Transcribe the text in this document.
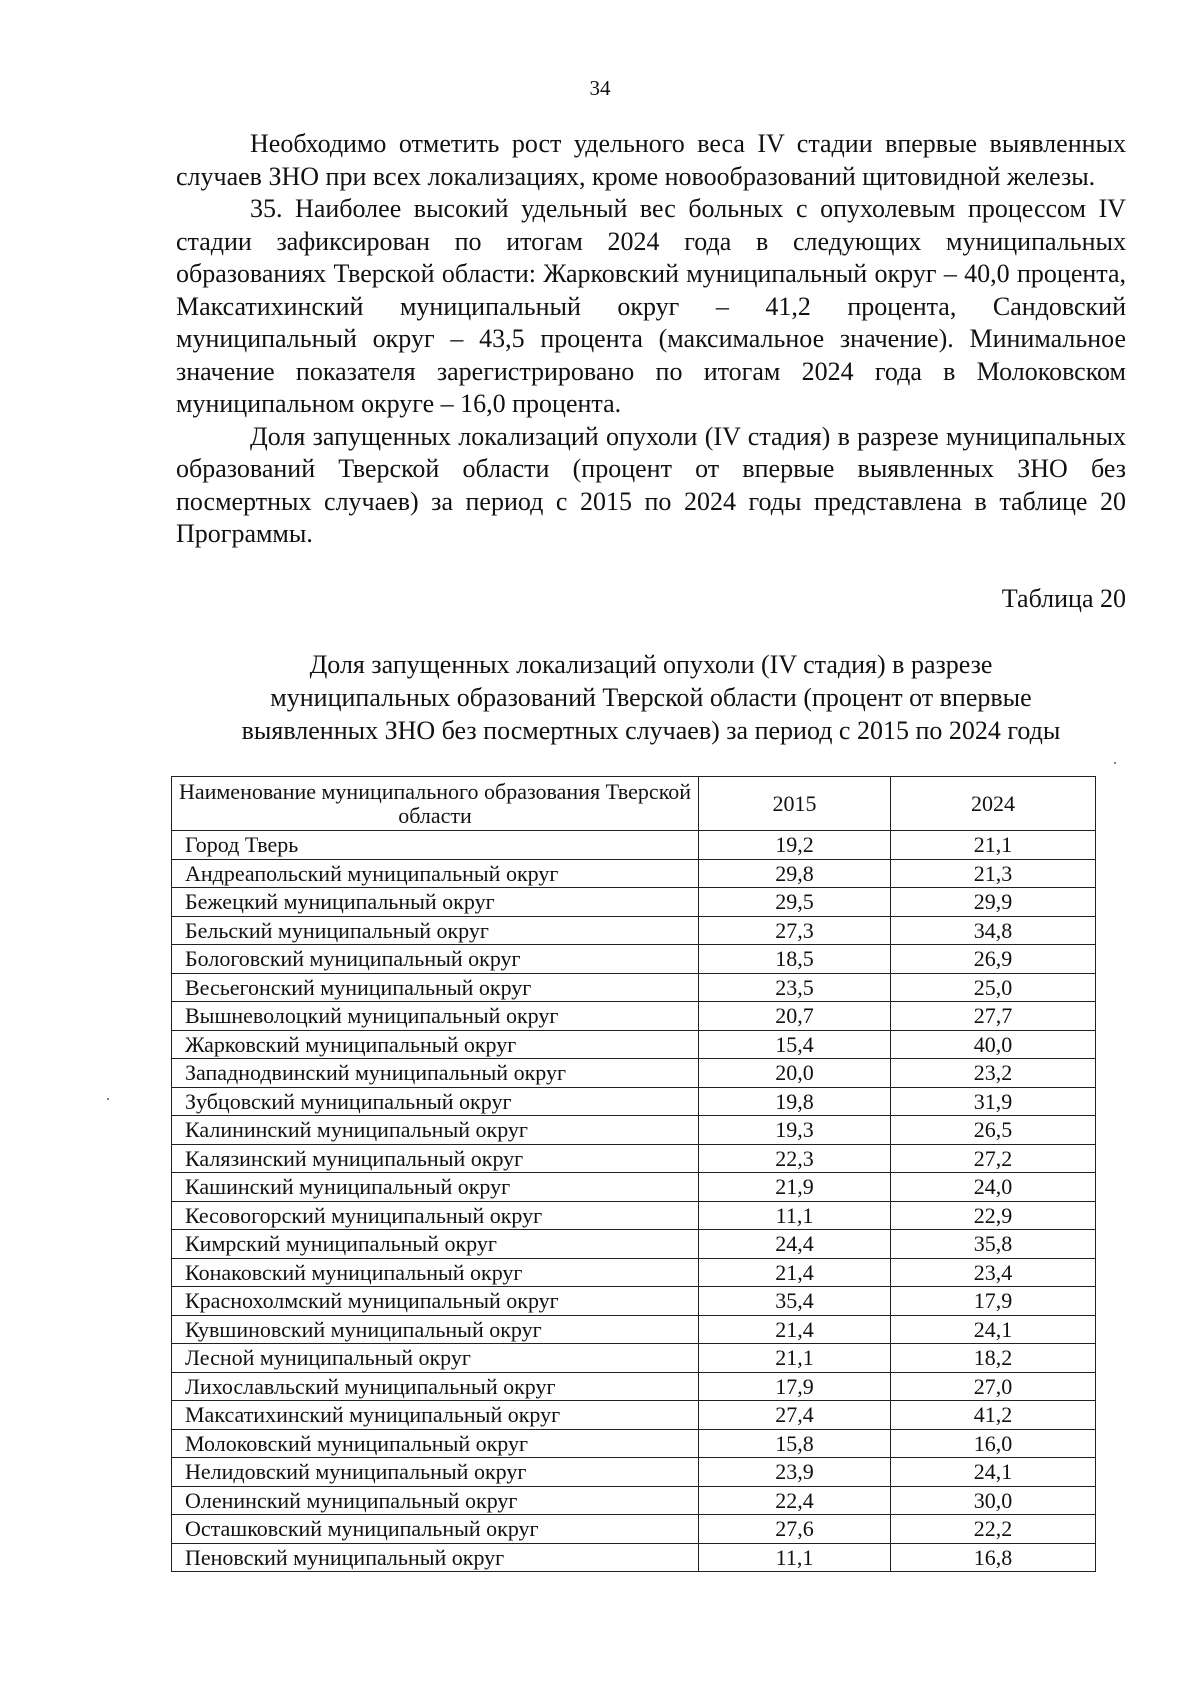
34

Необходимо отметить рост удельного веса IV стадии впервые выявленных случаев ЗНО при всех локализациях, кроме новообразований щитовидной железы.

35. Наиболее высокий удельный вес больных с опухолевым процессом IV стадии зафиксирован по итогам 2024 года в следующих муниципальных образованиях Тверской области: Жарковский муниципальный округ – 40,0 процента, Максатихинский муниципальный округ – 41,2 процента, Сандовский муниципальный округ – 43,5 процента (максимальное значение). Минимальное значение показателя зарегистрировано по итогам 2024 года в Молоковском муниципальном округе – 16,0 процента.

Доля запущенных локализаций опухоли (IV стадия) в разрезе муниципальных образований Тверской области (процент от впервые выявленных ЗНО без посмертных случаев) за период с 2015 по 2024 годы представлена в таблице 20 Программы.

Таблица 20
Доля запущенных локализаций опухоли (IV стадия) в разрезе
муниципальных образований Тверской области (процент от впервые
выявленных ЗНО без посмертных случаев) за период с 2015 по 2024 годы
Наименование муниципального образования Тверской области	2015	2024
Город Тверь	19,2	21,1
Андреапольский муниципальный округ	29,8	21,3
Бежецкий муниципальный округ	29,5	29,9
Бельский муниципальный округ	27,3	34,8
Бологовский муниципальный округ	18,5	26,9
Весьегонский муниципальный округ	23,5	25,0
Вышневолоцкий муниципальный округ	20,7	27,7
Жарковский муниципальный округ	15,4	40,0
Западнодвинский муниципальный округ	20,0	23,2
Зубцовский муниципальный округ	19,8	31,9
Калининский муниципальный округ	19,3	26,5
Калязинский муниципальный округ	22,3	27,2
Кашинский муниципальный округ	21,9	24,0
Кесовогорский муниципальный округ	11,1	22,9
Кимрский муниципальный округ	24,4	35,8
Конаковский муниципальный округ	21,4	23,4
Краснохолмский муниципальный округ	35,4	17,9
Кувшиновский муниципальный округ	21,4	24,1
Лесной муниципальный округ	21,1	18,2
Лихославльский муниципальный округ	17,9	27,0
Максатихинский муниципальный округ	27,4	41,2
Молоковский муниципальный округ	15,8	16,0
Нелидовский муниципальный округ	23,9	24,1
Оленинский муниципальный округ	22,4	30,0
Осташковский муниципальный округ	27,6	22,2
Пеновский муниципальный округ	11,1	16,8
